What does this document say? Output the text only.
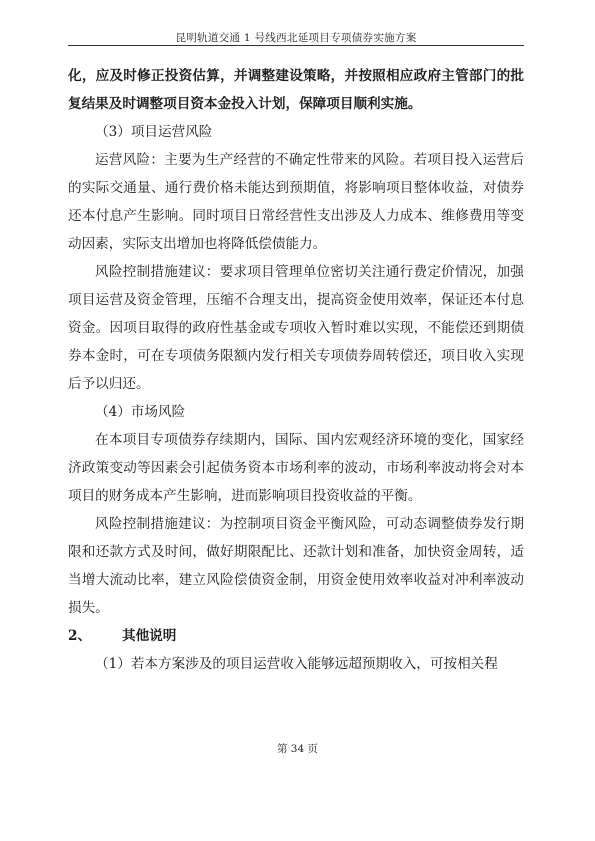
昆明轨道交通 1 号线西北延项目专项债券实施方案

化，应及时修正投资估算，并调整建设策略，并按照相应政府主管部门的批复结果及时调整项目资本金投入计划，保障项目顺利实施。

（3）项目运营风险

运营风险：主要为生产经营的不确定性带来的风险。若项目投入运营后的实际交通量、通行费价格未能达到预期值，将影响项目整体收益，对债券还本付息产生影响。同时项目日常经营性支出涉及人力成本、维修费用等变动因素，实际支出增加也将降低偿债能力。

风险控制措施建议：要求项目管理单位密切关注通行费定价情况，加强项目运营及资金管理，压缩不合理支出，提高资金使用效率，保证还本付息资金。因项目取得的政府性基金或专项收入暂时难以实现，不能偿还到期债券本金时，可在专项债务限额内发行相关专项债券周转偿还，项目收入实现后予以归还。

（4）市场风险

在本项目专项债券存续期内，国际、国内宏观经济环境的变化，国家经济政策变动等因素会引起债务资本市场利率的波动，市场利率波动将会对本项目的财务成本产生影响，进而影响项目投资收益的平衡。

风险控制措施建议：为控制项目资金平衡风险，可动态调整债券发行期限和还款方式及时间，做好期限配比、还款计划和准备，加快资金周转，适当增大流动比率，建立风险偿债资金制，用资金使用效率收益对冲利率波动损失。

2、 其他说明

（1）若本方案涉及的项目运营收入能够远超预期收入，可按相关程

第 34 页
